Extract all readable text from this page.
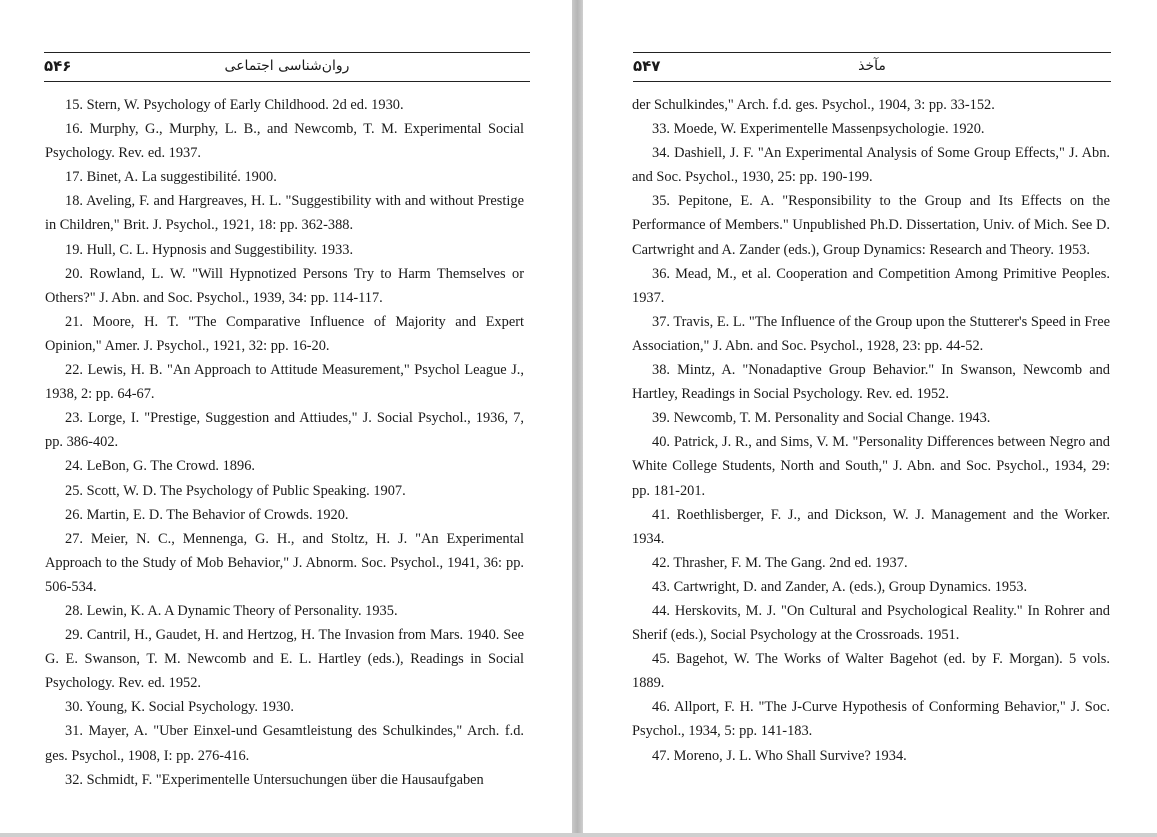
۵۴۶	روان‌شناسی اجتماعی

15. Stern, W. Psychology of Early Childhood. 2d ed. 1930.

16. Murphy, G., Murphy, L. B., and Newcomb, T. M. Experimental Social Psychology. Rev. ed. 1937.

17. Binet, A. La suggestibilité. 1900.

18. Aveling, F. and Hargreaves, H. L. "Suggestibility with and without Prestige in Children," Brit. J. Psychol., 1921, 18: pp. 362-388.

19. Hull, C. L. Hypnosis and Suggestibility. 1933.

20. Rowland, L. W. "Will Hypnotized Persons Try to Harm Themselves or Others?" J. Abn. and Soc. Psychol., 1939, 34: pp. 114-117.

21. Moore, H. T. "The Comparative Influence of Majority and Expert Opinion," Amer. J. Psychol., 1921, 32: pp. 16-20.

22. Lewis, H. B. "An Approach to Attitude Measurement," Psychol League J., 1938, 2: pp. 64-67.

23. Lorge, I. "Prestige, Suggestion and Attiudes," J. Social Psychol., 1936, 7, pp. 386-402.

24. LeBon, G. The Crowd. 1896.

25. Scott, W. D. The Psychology of Public Speaking. 1907.

26. Martin, E. D. The Behavior of Crowds. 1920.

27. Meier, N. C., Mennenga, G. H., and Stoltz, H. J. "An Experimental Approach to the Study of Mob Behavior," J. Abnorm. Soc. Psychol., 1941, 36: pp. 506-534.

28. Lewin, K. A. A Dynamic Theory of Personality. 1935.

29. Cantril, H., Gaudet, H. and Hertzog, H. The Invasion from Mars. 1940. See G. E. Swanson, T. M. Newcomb and E. L. Hartley (eds.), Readings in Social Psychology. Rev. ed. 1952.

30. Young, K. Social Psychology. 1930.

31. Mayer, A. "Uber Einxel-und Gesamtleistung des Schulkindes," Arch. f.d. ges. Psychol., 1908, I: pp. 276-416.

32. Schmidt, F. "Experimentelle Untersuchungen über die Hausaufgaben

۵۴۷	مآخذ

der Schulkindes," Arch. f.d. ges. Psychol., 1904, 3: pp. 33-152.

33. Moede, W. Experimentelle Massenpsychologie. 1920.

34. Dashiell, J. F. "An Experimental Analysis of Some Group Effects," J. Abn. and Soc. Psychol., 1930, 25: pp. 190-199.

35. Pepitone, E. A. "Responsibility to the Group and Its Effects on the Performance of Members." Unpublished Ph.D. Dissertation, Univ. of Mich. See D. Cartwright and A. Zander (eds.), Group Dynamics: Research and Theory. 1953.

36. Mead, M., et al. Cooperation and Competition Among Primitive Peoples. 1937.

37. Travis, E. L. "The Influence of the Group upon the Stutterer's Speed in Free Association," J. Abn. and Soc. Psychol., 1928, 23: pp. 44-52.

38. Mintz, A. "Nonadaptive Group Behavior." In Swanson, Newcomb and Hartley, Readings in Social Psychology. Rev. ed. 1952.

39. Newcomb, T. M. Personality and Social Change. 1943.

40. Patrick, J. R., and Sims, V. M. "Personality Differences between Negro and White College Students, North and South," J. Abn. and Soc. Psychol., 1934, 29: pp. 181-201.

41. Roethlisberger, F. J., and Dickson, W. J. Management and the Worker. 1934.

42. Thrasher, F. M. The Gang. 2nd ed. 1937.

43. Cartwright, D. and Zander, A. (eds.), Group Dynamics. 1953.

44. Herskovits, M. J. "On Cultural and Psychological Reality." In Rohrer and Sherif (eds.), Social Psychology at the Crossroads. 1951.

45. Bagehot, W. The Works of Walter Bagehot (ed. by F. Morgan). 5 vols. 1889.

46. Allport, F. H. "The J-Curve Hypothesis of Conforming Behavior," J. Soc. Psychol., 1934, 5: pp. 141-183.

47. Moreno, J. L. Who Shall Survive? 1934.
